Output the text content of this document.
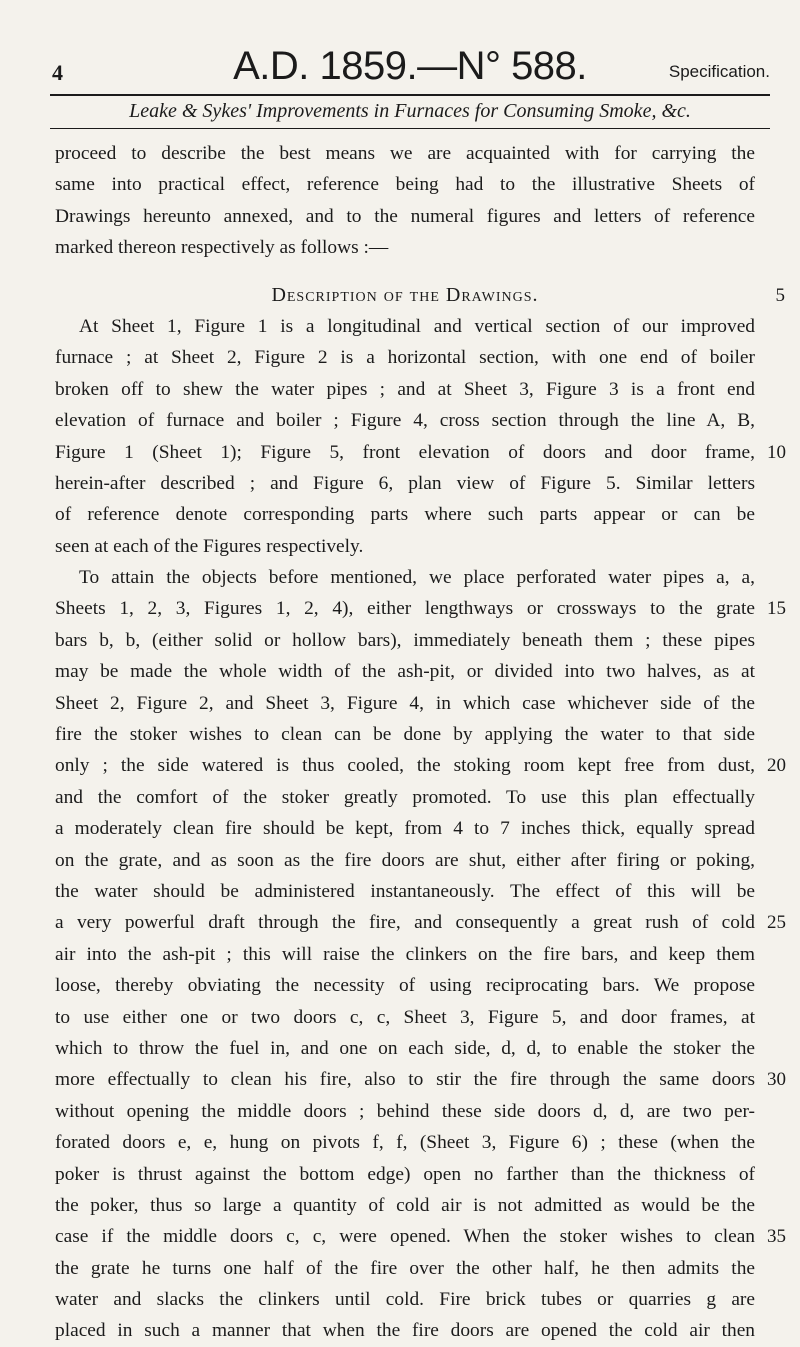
4	A.D. 1859.—N° 588.	Specification.
Leake & Sykes' Improvements in Furnaces for Consuming Smoke, &c.
proceed to describe the best means we are acquainted with for carrying the
same into practical effect, reference being had to the illustrative Sheets of
Drawings hereunto annexed, and to the numeral figures and letters of reference
marked thereon respectively as follows :—
Description of the Drawings.	5
At Sheet 1, Figure 1 is a longitudinal and vertical section of our improved
furnace ; at Sheet 2, Figure 2 is a horizontal section, with one end of boiler
broken off to shew the water pipes ; and at Sheet 3, Figure 3 is a front end
elevation of furnace and boiler ; Figure 4, cross section through the line A, B,
Figure 1 (Sheet 1); Figure 5, front elevation of doors and door frame, 10
herein-after described ; and Figure 6, plan view of Figure 5. Similar letters
of reference denote corresponding parts where such parts appear or can be
seen at each of the Figures respectively.
To attain the objects before mentioned, we place perforated water pipes a, a,
Sheets 1, 2, 3, Figures 1, 2, 4), either lengthways or crossways to the grate 15
bars b, b, (either solid or hollow bars), immediately beneath them ; these pipes
may be made the whole width of the ash-pit, or divided into two halves, as at
Sheet 2, Figure 2, and Sheet 3, Figure 4, in which case whichever side of the
fire the stoker wishes to clean can be done by applying the water to that side
only ; the side watered is thus cooled, the stoking room kept free from dust, 20
and the comfort of the stoker greatly promoted. To use this plan effectually
a moderately clean fire should be kept, from 4 to 7 inches thick, equally spread
on the grate, and as soon as the fire doors are shut, either after firing or poking,
the water should be administered instantaneously. The effect of this will be
a very powerful draft through the fire, and consequently a great rush of cold 25
air into the ash-pit ; this will raise the clinkers on the fire bars, and keep them
loose, thereby obviating the necessity of using reciprocating bars. We propose
to use either one or two doors c, c, Sheet 3, Figure 5, and door frames, at
which to throw the fuel in, and one on each side, d, d, to enable the stoker the
more effectually to clean his fire, also to stir the fire through the same doors 30
without opening the middle doors ; behind these side doors d, d, are two per-
forated doors e, e, hung on pivots f, f, (Sheet 3, Figure 6) ; these (when the
poker is thrust against the bottom edge) open no farther than the thickness of
the poker, thus so large a quantity of cold air is not admitted as would be the
case if the middle doors c, c, were opened. When the stoker wishes to clean 35
the grate he turns one half of the fire over the other half, he then admits the
water and slacks the clinkers until cold. Fire brick tubes or quarries g are
placed in such a manner that when the fire doors are opened the cold air then
